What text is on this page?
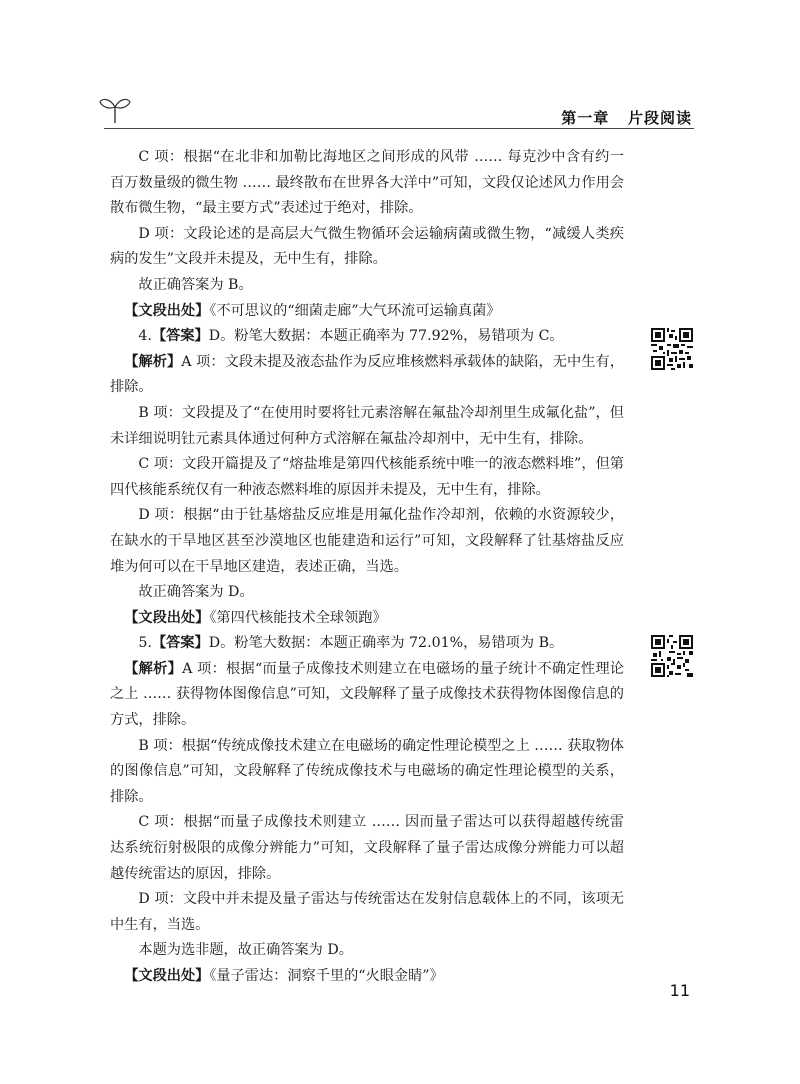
第一章 片段阅读

C 项：根据“在北非和加勒比海地区之间形成的风带 …… 每克沙中含有约一百万数量级的微生物 …… 最终散布在世界各大洋中”可知，文段仅论述风力作用会散布微生物，“最主要方式”表述过于绝对，排除。

D 项：文段论述的是高层大气微生物循环会运输病菌或微生物，“减缓人类疾病的发生”文段并未提及，无中生有，排除。

故正确答案为 B。

【文段出处】《不可思议的“细菌走廊”大气环流可运输真菌》

4.【答案】D。粉笔大数据：本题正确率为 77.92%，易错项为 C。

【解析】A 项：文段未提及液态盐作为反应堆核燃料承载体的缺陷，无中生有，排除。

B 项：文段提及了“在使用时要将钍元素溶解在氟盐冷却剂里生成氟化盐”，但未详细说明钍元素具体通过何种方式溶解在氟盐冷却剂中，无中生有，排除。

C 项：文段开篇提及了“熔盐堆是第四代核能系统中唯一的液态燃料堆”，但第四代核能系统仅有一种液态燃料堆的原因并未提及，无中生有，排除。

D 项：根据“由于钍基熔盐反应堆是用氟化盐作冷却剂，依赖的水资源较少，在缺水的干旱地区甚至沙漠地区也能建造和运行”可知，文段解释了钍基熔盐反应堆为何可以在干旱地区建造，表述正确，当选。

故正确答案为 D。

【文段出处】《第四代核能技术全球领跑》

5.【答案】D。粉笔大数据：本题正确率为 72.01%，易错项为 B。

【解析】A 项：根据“而量子成像技术则建立在电磁场的量子统计不确定性理论之上 …… 获得物体图像信息”可知，文段解释了量子成像技术获得物体图像信息的方式，排除。

B 项：根据“传统成像技术建立在电磁场的确定性理论模型之上 …… 获取物体的图像信息”可知，文段解释了传统成像技术与电磁场的确定性理论模型的关系，排除。

C 项：根据“而量子成像技术则建立 …… 因而量子雷达可以获得超越传统雷达系统衍射极限的成像分辨能力”可知，文段解释了量子雷达成像分辨能力可以超越传统雷达的原因，排除。

D 项：文段中并未提及量子雷达与传统雷达在发射信息载体上的不同，该项无中生有，当选。

本题为选非题，故正确答案为 D。

【文段出处】《量子雷达：洞察千里的“火眼金睛”》

11
